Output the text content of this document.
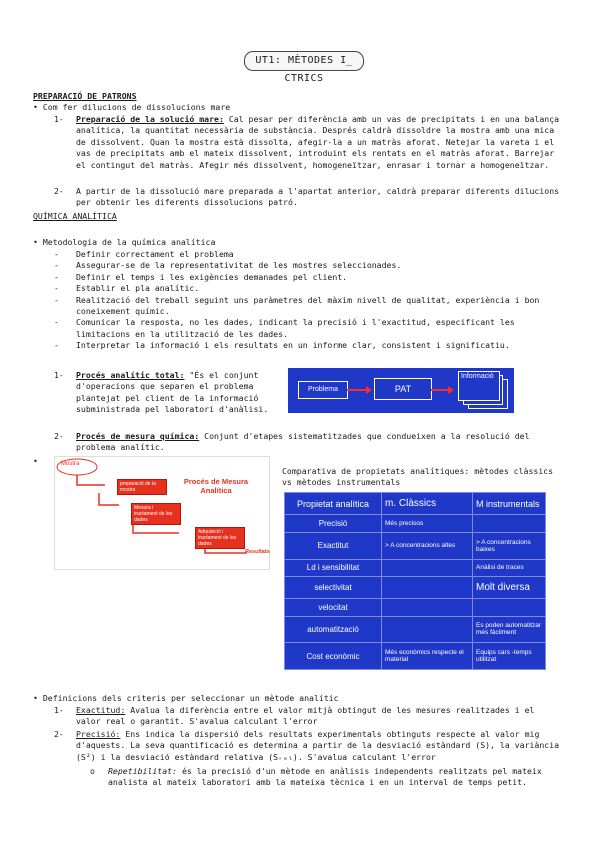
UT1: MÈTODES I̲ CTRICS
PREPARACIÓ DE PATRONS
• Com fer dilucions de dissolucions mare
1- Preparació de la solució mare: Cal pesar per diferència amb un vas de precipitats i en una balança
analítica, la quantitat necessària de substància. Després caldrà dissoldre la mostra amb una mica
de dissolvent. Quan la mostra està dissolta, afegir-la a un matràs aforat. Netejar la vareta i el
vas de precipitats amb el mateix dissolvent, introduint els rentats en el matràs aforat. Barrejar
el contingut del matràs. Afegir més dissolvent, homogeneïtzar, enrasar i tornar a homogeneïtzar.
2- A partir de la dissolució mare preparada a l'apartat anterior, caldrà preparar diferents dilucions
per obtenir les diferents dissolucions patró.
QUÍMICA ANALÍTICA
• Metodologia de la química analítica
- Definir correctament el problema
- Assegurar-se de la representativitat de les mostres seleccionades.
- Definir el temps i les exigències demanades pel client.
- Establir el pla analític.
- Realització del treball seguint uns paràmetres del màxim nivell de qualitat, experiència i bon
coneixement químic.
- Comunicar la resposta, no les dades, indicant la precisió i l'exactitud, especificant les
limitacions en la utilització de les dades.
- Interpretar la informació i els resultats en un informe clar, consistent i significatiu.
1- Procés analític total: "És el conjunt
d'operacions que separen el problema
plantejat pel client de la informació
subministrada pel laboratori d'anàlisi.
Problema	PAT
Informació
2- Procés de mesura química: Conjunt d'etapes sistematitzades que condueixen a la resolució del
problema analític.
•	Mostra
Procés de Mesura Analítica
preparació de la mostra
Mesura i tractament de les dades
Adquisició i tractament de les dades
Resultats
Comparativa de propietats analítiques: mètodes clàssics
vs mètodes instrumentals
Propietat analítica	m. Clàssics	M instrumentals
Precisió	Més precisos	
Exactitut	> A concentracions altes	> A concentracions baixes
Ld i sensibilitat		Anàlisi de traces
selectivitat		Molt diversa
velocitat		
automatització		Es poden automatitzar més fàcilment
Cost econòmic	Més econòmics respecte el material	Equips cars -temps utilitzat
• Definicions dels criteris per seleccionar un mètode analític
1- Exactitud: Avalua la diferència entre el valor mitjà obtingut de les mesures realitzades i el
valor real o garantit. S'avalua calculant l'error
2- Precisió: Ens indica la dispersió dels resultats experimentals obtinguts respecte al valor mig
d'aquests. La seva quantificació es determina a partir de la desviació estàndard (S), la variància
(S²) i la desviació estàndard relativa (Sᵣₑₗ). S'avalua calculant l'error
o Repetibilitat: és la precisió d'un mètode en anàlisis independents realitzats pel mateix
analista al mateix laboratori amb la mateixa tècnica i en un interval de temps petit.
